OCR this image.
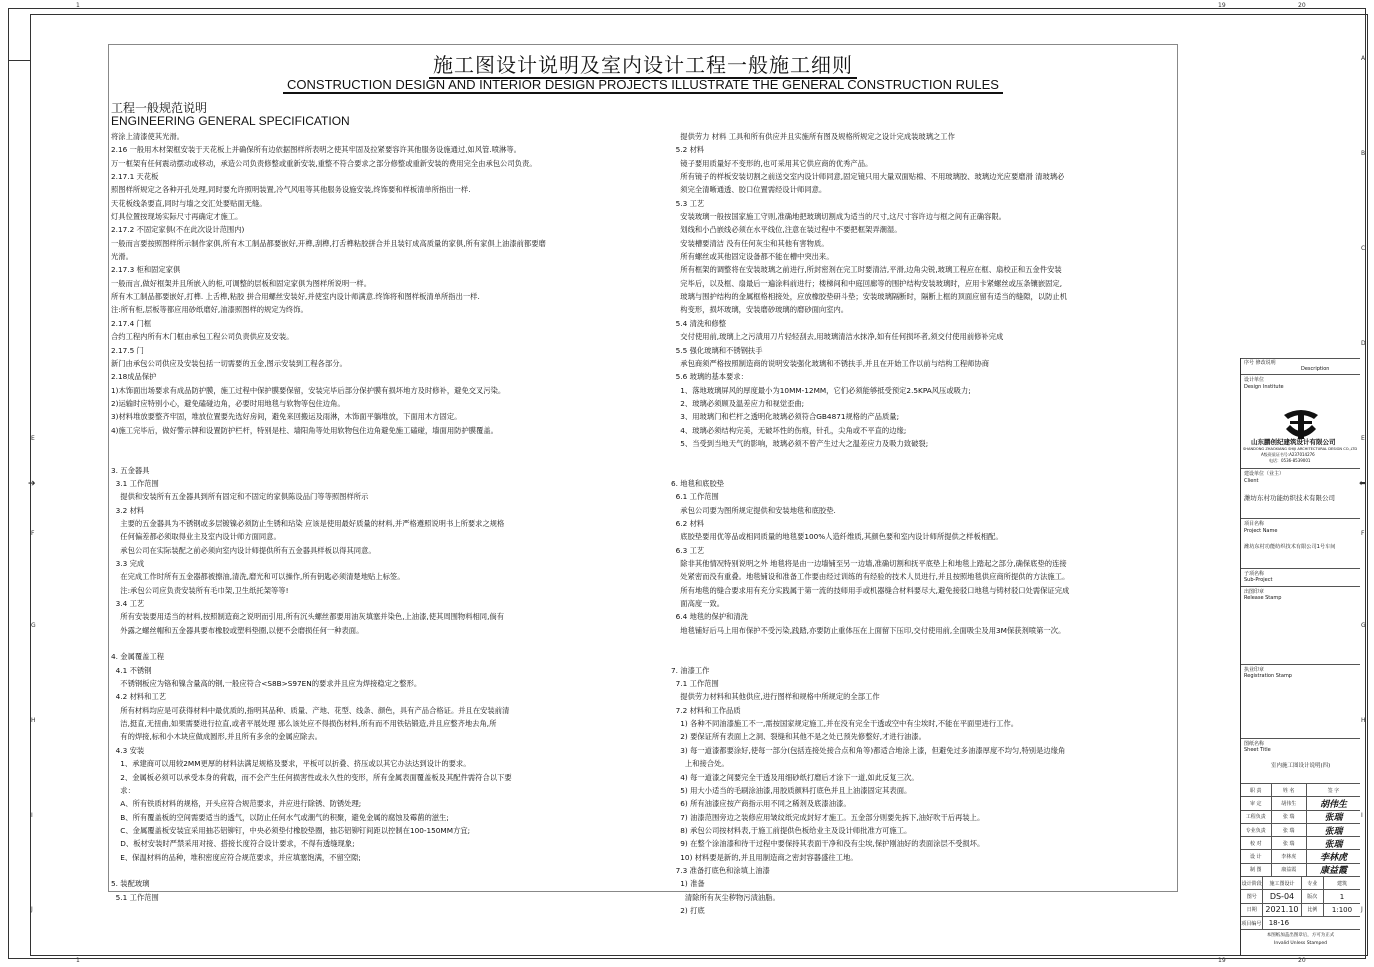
1	19	20
1	19	20
A
B
C
D
E
F
G
H
I
J
E
F
G
H
I
J
➔	⬅
施工图设计说明及室内设计工程一般施工细则
CONSTRUCTION DESIGN AND INTERIOR DESIGN PROJECTS ILLUSTRATE THE GENERAL CONSTRUCTION RULES
工程一般规范说明
ENGINEERING GENERAL SPECIFICATION
将涂上清漆使其光滑。
2.16 一般用木材架框安装于天花板上并确保所有边依据图样所表明之使其牢固及拉紧要容许其他服务设施通过,如风管.喷淋等。
万一框架有任何震动摆动或移动，承造公司负责修整或重新安装,重整不符合要求之部分修整或重新安装的费用完全由承包公司负责。
2.17.1 天花板
照图样所规定之各种开孔处理,同时要允许照明装置,冷气风咀等其他服务设施安装,终饰要和样板清单所指出一样.
天花板线条要直,同时与墙之交汇处要贴面无缝。
灯具位置按现场实际尺寸再确定才施工。
2.17.2 不固定家俱(不在此次设计范围内)
一般而言要按照图样所示制作家俱,所有木工制品都要嵌好,开榫,刮榫,打舌榫粘胶拼合并且装钉成高质量的家俱,所有家俱上油漆前都要磨
光滑。
2.17.3 柜和固定家俱
一般而言,做好框架并且所嵌入的柜,可调整的层板和固定家俱为图样所说明一样。
所有木工制品都要嵌好,打榫. 上舌榫,粘胶 拼合用螺丝安装好,并使室内设计师满意.终饰将和图样板清单所指出一样.
注:所有柜,层板等都应用砂纸磨好,油漆照图样的规定为终饰。
2.17.4 门框
合约工程内所有木门框由承包工程公司负责供应及安装。
2.17.5 门
新门由承包公司供应及安装包括一切需要的五金,图示安装到工程各部分。
2.18成品保护
1)木饰面出场要求有成品防护膜，施工过程中保护膜要保留，安装完毕后部分保护膜有损坏地方及时修补，避免交叉污染。
2)运输时应特别小心，避免磕碰边角，必要时用地毯与软物等包住边角。
3)材料堆放要整齐牢固，堆放位置要先选好房间，避免来回搬运及雨淋，木饰面平躺堆放，下面用木方固定。
4)施工完毕后，做好警示牌和设置防护栏杆，特别是柱、墙阳角等处用软物包住边角避免施工磕碰，墙面用防护膜覆盖。
3. 五金器具
3.1 工作范围
提供和安装所有五金器具到所有固定和不固定的家俱陈设品门等等照图样所示
3.2 材料
主要的五金器具为不锈钢或多层镀镍必须防止生锈和玷染 应该是使用最好质量的材料,并严格遵照说明书上所要求之规格
任何偏差都必须取得业主及室内设计师方面同意。
承包公司在实际装配之前必须向室内设计师提供所有五金器具样板以得其同意。
3.3 完成
在完成工作时所有五金器都被擦油,清洗,磨光和可以操作,所有钥匙必须清楚地贴上标签。
注:承包公司应负责安装所有毛巾架,卫生纸托架等等!
3.4 工艺
所有安装要用适当的材料,按照制造商之说明而引用,所有沉头螺丝都要用油灰填塞并染色,上油漆,使其周围物料相同,倘有
外露之螺丝帽和五金器具要布橡胶或塑料垫圈,以便不会磨损任何一种表面。
4. 金属覆盖工程
4.1 不锈钢
不锈钢板应为铬和镍含量高的钢,一般应符合<S8B>S97EN的要求并且应为焊接稳定之整形。
4.2 材料和工艺
所有材料均应是可获得材料中最优质的,指明其品种、质量、产地、花型、线条、颜色，具有产品合格证。并且在安装前清
洁,挺直,无扭曲,如果需要进行拉直,或者平展处理 那么该处应不得损伤材料,所有而不用铁钻锻造,并且应整齐地去角,所
有的焊接,标和小木块应做成圆形,并且所有多余的金属应除去。
4.3 安装
1、承建商可以用较2MM更厚的材料法满足规格及要求，平板可以折叠、挤压或以其它办法达到设计的要求。
2、金属板必须可以承受本身的荷载，而不会产生任何损害性或永久性的变形，所有金属表面覆盖板及其配件需符合以下要
求：
A、所有铁质材料的规格，开头应符合规范要求，并应进行除锈、防锈处理;
B、所有覆盖板的空间需要适当的透气，以防止任何水气或潮气的积聚，避免金属的腐蚀及霉菌的滋生;
C、金属覆盖板安装宜采用抽芯铝铆钉，中央必须垫付橡胶垫圈，抽芯铝铆钉间距以控制在100-150MM方宜;
D、板材安装时严禁采用对接、搭接长度符合设计要求，不得有透缝现象;
E、保温材料的品种，堆积密度应符合规范要求，并应填塞饱满，不留空隙;
5. 装配玻璃
5.1 工作范围
提供劳力 材料 工具和所有供应并且实施所有图及规格所规定之设计完成装玻璃之工作
5.2 材料
镜子要用质量好不变形的,也可采用其它供应商的优秀产品。
所有镜子的样板安装切割之前送交室内设计师同意,固定镜只用大量双面贴棉、不用玻璃胶、玻璃边光应要磨滑 清玻璃必
须完全清晰通透、胶口位置需经设计师同意。
5.3 工艺
安装玻璃一般按国家施工守则,准确地把玻璃切割成为适当的尺寸,这尺寸容许边与框之间有正确容限。
划线和小凸嵌线必须在水平线位,注意在装过程中不要把框架弄潮湿。
安装槽要清洁 没有任何灰尘和其他有害物质。
所有螺丝或其他固定设备都不能在槽中突出来。
所有框架的调整将在安装玻璃之前进行,所封密剂在完工时要清洁,平滑,边角尖锐,玻璃工程应在框、扇校正和五金件安装
完毕后，以及框、扇最后一遍涂料前进行；楼梯间和中庭回廊等的围护结构安装玻璃时，应用卡紧螺丝或压条镶嵌固定,
玻璃与围护结构的金属框格相接处，应放橡胶垫研斗垫；安装玻璃隔断时，隔断上框的顶面应留有适当的缝隙，以防止机
构变形，损坏玻璃，安装磨砂玻璃的磨砂面向室内。
5.4 清洗和修整
交付使用前,玻璃上之污渍用刀片轻轻刮去,用玻璃清洁水抹净,如有任何损坏者,须交付使用前修补完成
5.5 强化玻璃和不锈钢扶手
承包商须严格按照制造商的说明安装强化玻璃和不锈扶手,并且在开始工作以前与结构工程师协商
5.6 玻璃的基本要求：
1、落地玻璃屏风的厚度最小为10MM-12MM，它们必须能够抵受预定2.5KPA风压或吸力;
2、玻璃必须顾及温差应力和视觉歪曲;
3、用玻璃门和栏杆之透明化玻璃必须符合GB4871规格的产品质量;
4、玻璃必须结构完美，无破坏性的伤痕，针孔，尖角或不平直的边缘;
5、当受到当地天气的影响，玻璃必须不曾产生过大之温差应力及吸力致破裂;
6. 地毯和底胶垫
6.1 工作范围
承包公司要为图所规定提供和安装地毯和底胶垫.
6.2 材料
底胶垫要用优等品或相同质量的地毯要100%人造纤维质,其颜色要和室内设计师所提供之样板相配。
6.3 工艺
除非其他情况特别说明之外 地毯将是由一边墙铺至另一边墙,准确切割和抚平底垫上和地毯上踏起之部分,确保底垫的连接
处紧密而没有重叠。地毯铺设和准备工作要由经过训练的有经验的技术人员进行,并且按照地毯供应商所提供的方法施工。
所有地毯的缝合要求用有充分实践属于第一流的技师用手或机器缝合材料要尽大,避免接驳口地毯与铸材驳口处需保证完成
面高度一致。
6.4 地毯的保护和清洗
地毯铺好后马上用布保护不受污染,践踏,亦要防止重体压在上面留下压印,交付使用前,全面吸尘及用3M保获剂喷第一次。
7. 油漆工作
7.1 工作范围
提供劳力材料和其他供应,进行图样和规格中所规定的全部工作
7.2 材料和工作品质
1) 各种不同油漆施工不一,需按国家规定施工,并在没有完全干透或空中有尘埃时,不能在平面里进行工作。
2) 要保证所有表面上之洞、裂缝和其他不是之处已预先修整好,才进行油漆。
3) 每一道漆都要涂好,使每一部分(包括连接处接合点和角等)都适合地涂上漆，但避免过多油漆厚度不均匀,特别是边缘角
上和接合处。
4) 每一道漆之间要完全干透及用细砂纸打磨后才涂下一道,如此反复三次。
5) 用大小适当的毛刷涂油漆,用胶质颜料打底色并且上油漆固定其表面。
6) 所有油漆应按产商指示用不同之稀剂及底漆油漆。
7) 油漆范围旁边之装修应用皱纹纸完成封好才施工。五金部分则要先拆下,油好吹干后再装上。
8) 承包公司按材料表,于施工前提供色板给业主及设计师批准方可施工。
9) 在整个涂油漆和待干过程中要保持其表面干净和没有尘埃,保护刚油好的表面涂层不受损坏。
10) 材料要是新的,并且用制造商之密封容器盛往工地。
7.3 准备打底色和涂填上油漆
1) 准备
清除所有灰尘秽物污渍油脂。
2) 打底
序号 修改说明
Description
设计单位
Design Institute
山东鹏创纪建筑设计有限公司
SHANDONG ZHAOXIANG SHIJI ARCHITECTURAL DESIGN CO.,LTD
A级资质证书号:A237014276
电话：0536-8539001
建设单位（业主）
Client
潍坊东村功能纺织技术有限公司
项目名称
Project Name
潍坊东村功能纺织技术有限公司1号车间
子项名称
Sub-Project
出图印章
Release Stamp
执业印章
Registration Stamp
图纸名称
Sheet Title
室内施工图设计说明(四)
职 责	姓 名	签 字
审 定	胡伟生	胡伟生
工程负责	张 瑞	张瑞
专业负责	张 瑞	张瑞
校 对	张 瑞	张瑞
设 计	李林虎	李林虎
制 图	康益霞	康益霞
设计阶段	施工图设计	专业	建筑
图号	DS-04	版次	1
日期	2021.10	比例	1:100
项目编号	18-16
本图纸加盖出图章后，方可为正式
Invalid Unless Stamped
